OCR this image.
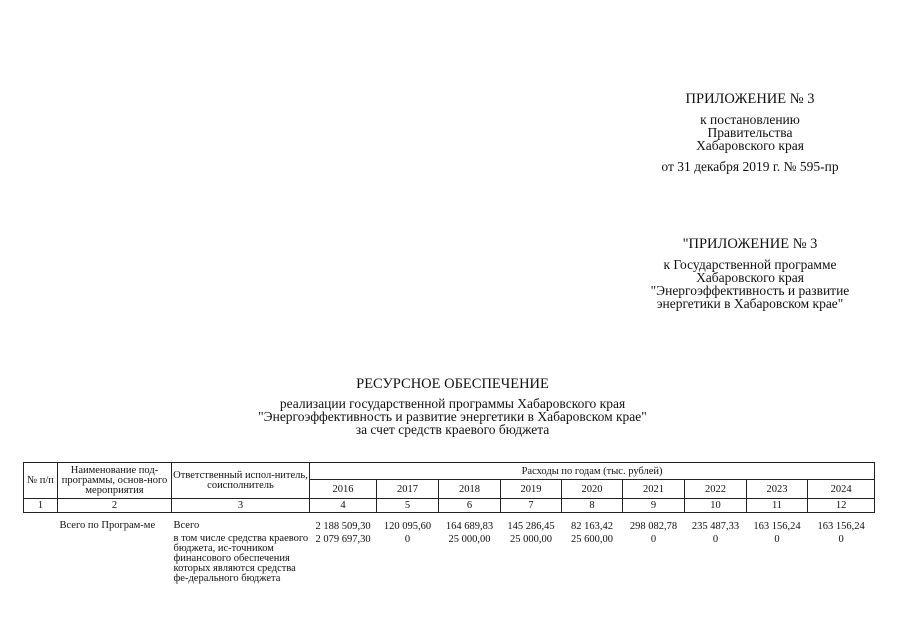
ПРИЛОЖЕНИЕ № 3
к постановлению
Правительства
Хабаровского края
от 31 декабря 2019 г. № 595-пр
"ПРИЛОЖЕНИЕ № 3
к Государственной программе
Хабаровского края
"Энергоэффективность и развитие
энергетики в Хабаровском крае"
РЕСУРСНОЕ ОБЕСПЕЧЕНИЕ
реализации государственной программы Хабаровского края
"Энергоэффективность и развитие энергетики в Хабаровском крае"
за счет средств краевого бюджета
№ п/п	Наименование под-программы, основ-ного мероприятия	Ответственный испол-нитель, соисполнитель	Расходы по годам (тыс. рублей)								
			2016	2017	2018	2019	2020	2021	2022	2023	2024
1	2	3	4	5	6	7	8	9	10	11	12
	Всего по Програм-ме	Всего	2 188 509,30	120 095,60	164 689,83	145 286,45	82 163,42	298 082,78	235 487,33	163 156,24	163 156,24
		в том числе средства краевого бюджета, ис-точником финансового обеспечения которых являются средства фе-дерального бюджета	2 079 697,30	0	25 000,00	25 000,00	25 600,00	0	0	0	0
